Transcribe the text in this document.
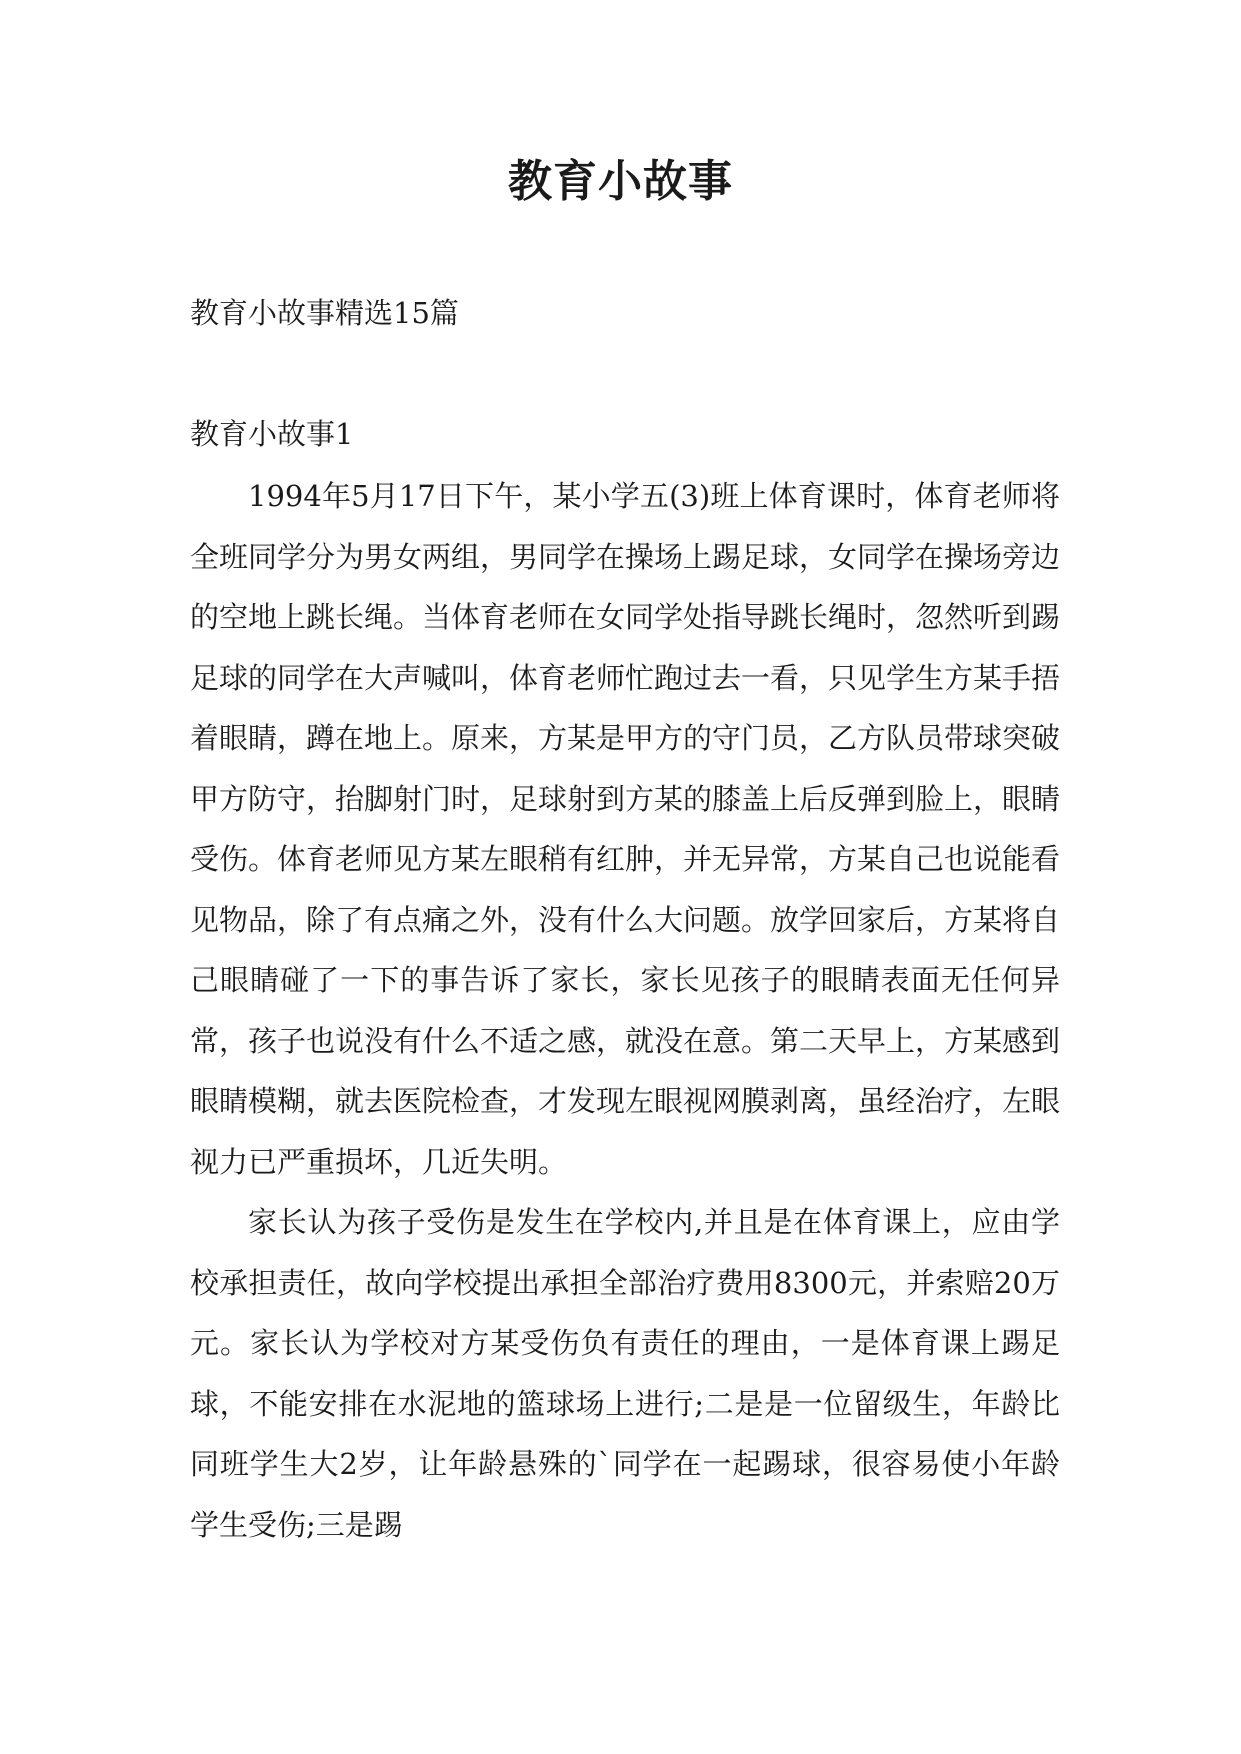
教育小故事

教育小故事精选15篇

教育小故事1

1994年5月17日下午，某小学五(3)班上体育课时，体育老师将全班同学分为男女两组，男同学在操场上踢足球，女同学在操场旁边的空地上跳长绳。当体育老师在女同学处指导跳长绳时，忽然听到踢足球的同学在大声喊叫，体育老师忙跑过去一看，只见学生方某手捂着眼睛，蹲在地上。原来，方某是甲方的守门员，乙方队员带球突破甲方防守，抬脚射门时，足球射到方某的膝盖上后反弹到脸上，眼睛受伤。体育老师见方某左眼稍有红肿，并无异常，方某自己也说能看见物品，除了有点痛之外，没有什么大问题。放学回家后，方某将自己眼睛碰了一下的事告诉了家长，家长见孩子的眼睛表面无任何异常，孩子也说没有什么不适之感，就没在意。第二天早上，方某感到眼睛模糊，就去医院检查，才发现左眼视网膜剥离，虽经治疗，左眼视力已严重损坏，几近失明。

家长认为孩子受伤是发生在学校内,并且是在体育课上，应由学校承担责任，故向学校提出承担全部治疗费用8300元，并索赔20万元。家长认为学校对方某受伤负有责任的理由，一是体育课上踢足球，不能安排在水泥地的篮球场上进行;二是是一位留级生，年龄比同班学生大2岁，让年龄悬殊的`同学在一起踢球，很容易使小年龄学生受伤;三是踢
